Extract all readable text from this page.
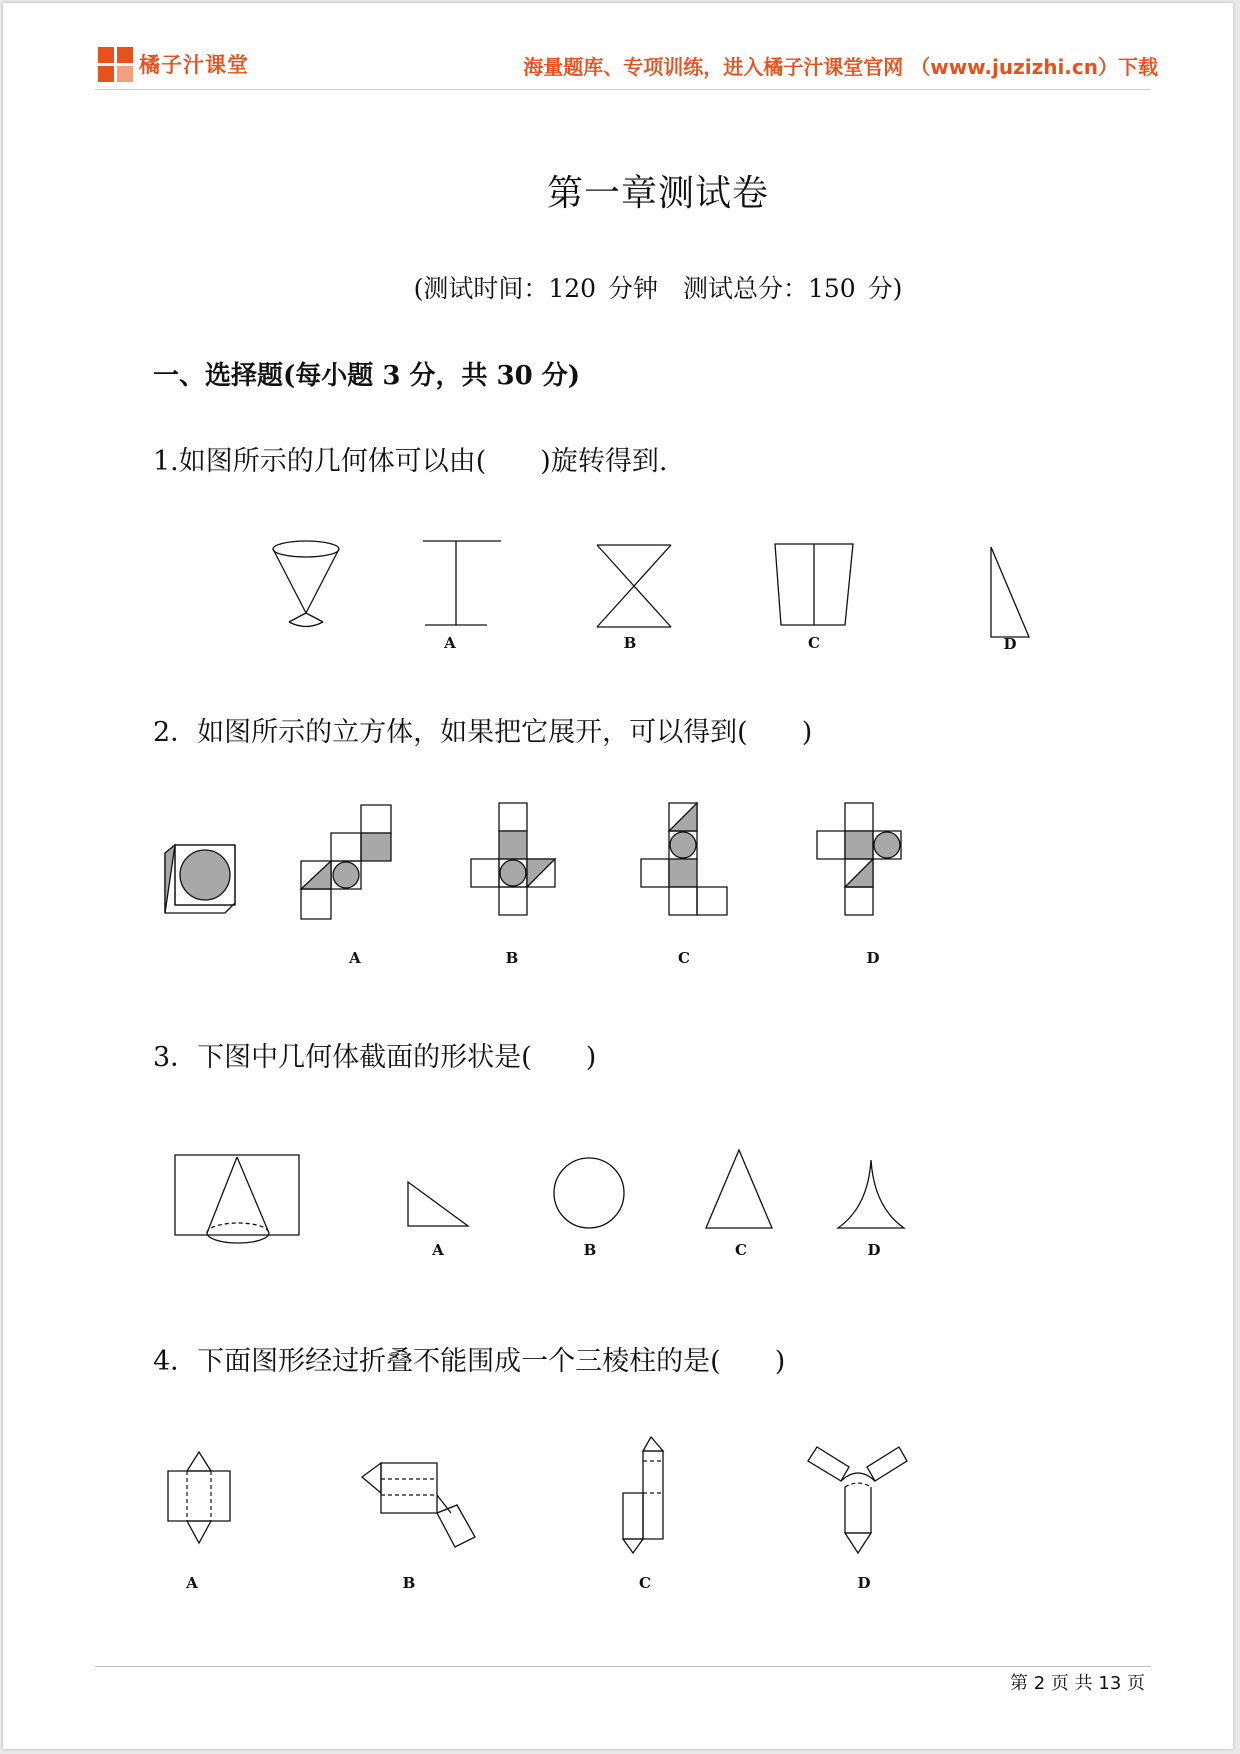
橘子汁课堂	海量题库、专项训练，进入橘子汁课堂官网 （www.juzizhi.cn）下载
第一章测试卷
(测试时间：120 分钟　测试总分：150 分)
一、选择题(每小题 3 分，共 30 分)
1.如图所示的几何体可以由(　　)旋转得到.
A	B	C	D
2．如图所示的立方体，如果把它展开，可以得到(　　)
A	B	C	D
3．下图中几何体截面的形状是(　　)
A	B	C	D
4．下面图形经过折叠不能围成一个三棱柱的是(　　)
A	B	C	D
第 2 页 共 13 页
